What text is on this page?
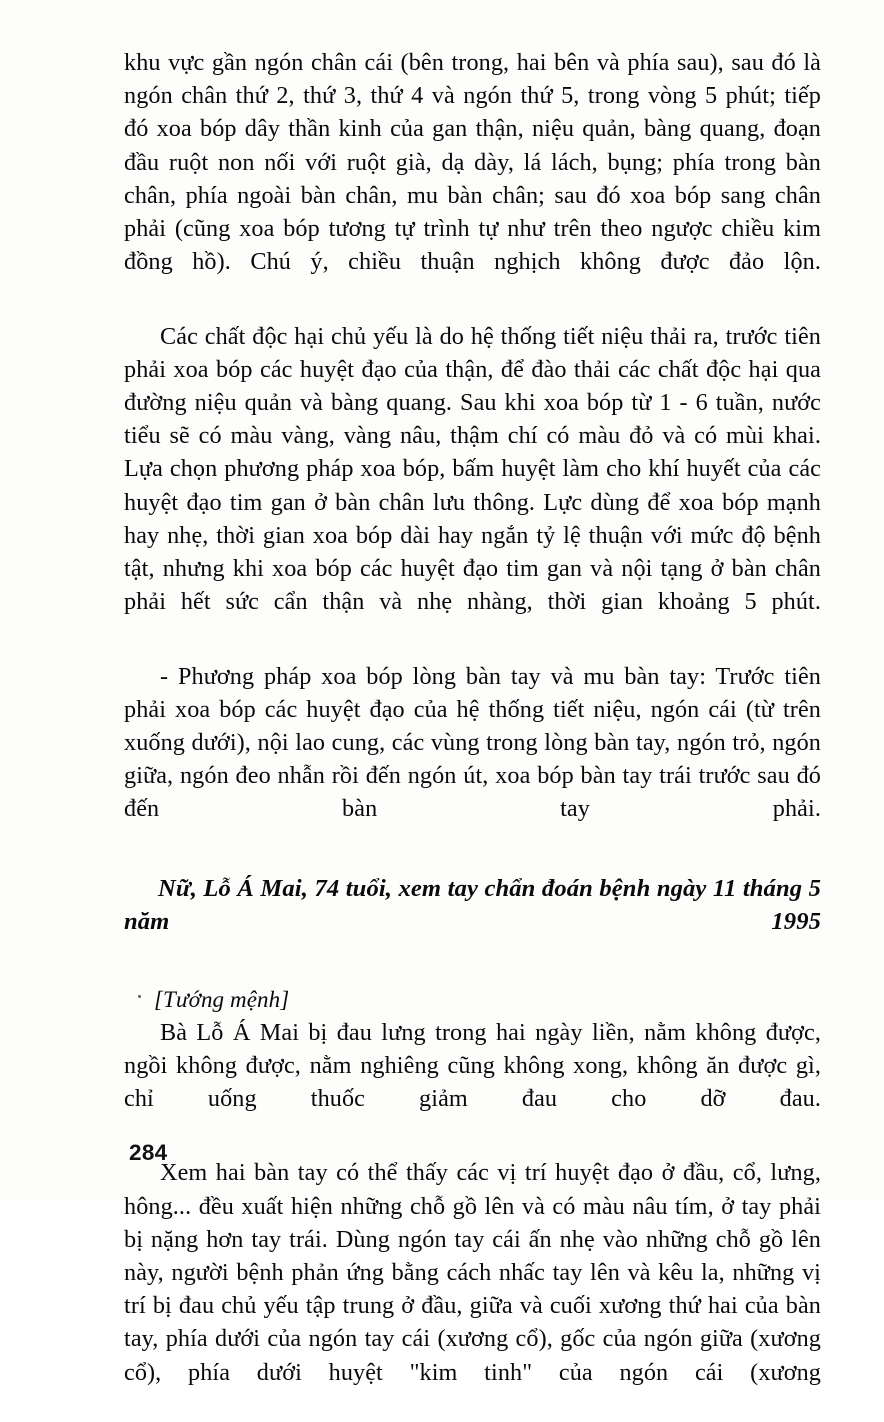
khu vực gần ngón chân cái (bên trong, hai bên và phía sau), sau đó là ngón chân thứ 2, thứ 3, thứ 4 và ngón thứ 5, trong vòng 5 phút; tiếp đó xoa bóp dây thần kinh của gan thận, niệu quản, bàng quang, đoạn đầu ruột non nối với ruột già, dạ dày, lá lách, bụng; phía trong bàn chân, phía ngoài bàn chân, mu bàn chân; sau đó xoa bóp sang chân phải (cũng xoa bóp tương tự trình tự như trên theo ngược chiều kim đồng hồ). Chú ý, chiều thuận nghịch không được đảo lộn.

Các chất độc hại chủ yếu là do hệ thống tiết niệu thải ra, trước tiên phải xoa bóp các huyệt đạo của thận, để đào thải các chất độc hại qua đường niệu quản và bàng quang. Sau khi xoa bóp từ 1 - 6 tuần, nước tiểu sẽ có màu vàng, vàng nâu, thậm chí có màu đỏ và có mùi khai. Lựa chọn phương pháp xoa bóp, bấm huyệt làm cho khí huyết của các huyệt đạo tim gan ở bàn chân lưu thông. Lực dùng để xoa bóp mạnh hay nhẹ, thời gian xoa bóp dài hay ngắn tỷ lệ thuận với mức độ bệnh tật, nhưng khi xoa bóp các huyệt đạo tim gan và nội tạng ở bàn chân phải hết sức cẩn thận và nhẹ nhàng, thời gian khoảng 5 phút.

- Phương pháp xoa bóp lòng bàn tay và mu bàn tay: Trước tiên phải xoa bóp các huyệt đạo của hệ thống tiết niệu, ngón cái (từ trên xuống dưới), nội lao cung, các vùng trong lòng bàn tay, ngón trỏ, ngón giữa, ngón đeo nhẫn rồi đến ngón út, xoa bóp bàn tay trái trước sau đó đến bàn tay phải.

Nữ, Lỗ Á Mai, 74 tuổi, xem tay chẩn đoán bệnh ngày 11 tháng 5 năm 1995

[Tướng mệnh]

Bà Lỗ Á Mai bị đau lưng trong hai ngày liền, nằm không được, ngồi không được, nằm nghiêng cũng không xong, không ăn được gì, chỉ uống thuốc giảm đau cho dỡ đau.

Xem hai bàn tay có thể thấy các vị trí huyệt đạo ở đầu, cổ, lưng, hông... đều xuất hiện những chỗ gồ lên và có màu nâu tím, ở tay phải bị nặng hơn tay trái. Dùng ngón tay cái ấn nhẹ vào những chỗ gồ lên này, người bệnh phản ứng bằng cách nhấc tay lên và kêu la, những vị trí bị đau chủ yếu tập trung ở đầu, giữa và cuối xương thứ hai của bàn tay, phía dưới của ngón tay cái (xương cổ), gốc của ngón giữa (xương cổ), phía dưới huyệt "kim tinh" của ngón cái (xương

284
